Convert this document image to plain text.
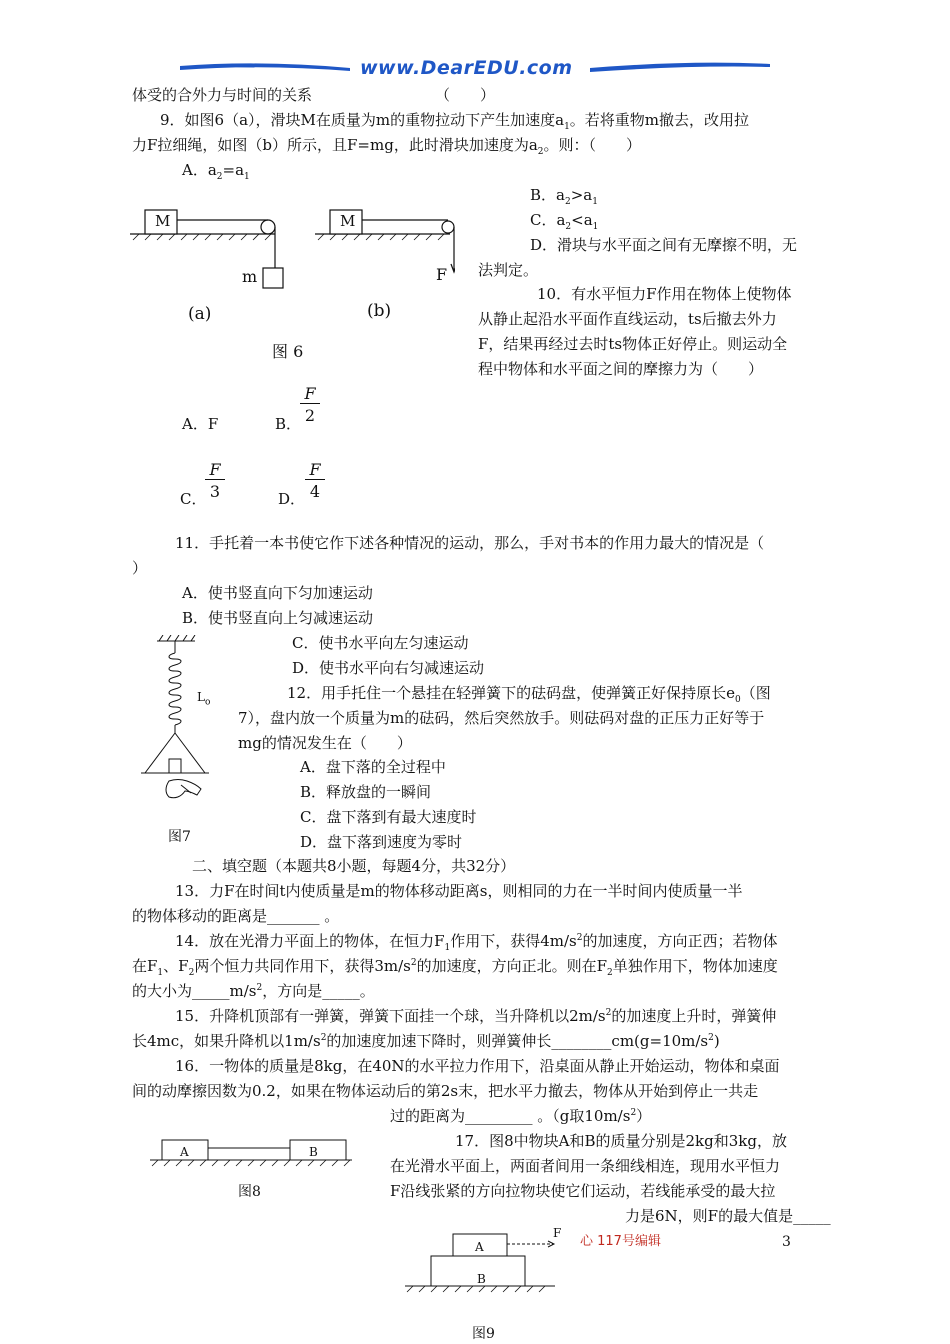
www.DearEDU.com
体受的合外力与时间的关系	（　　）
9．如图6（a），滑块M在质量为m的重物拉动下产生加速度$a_1$。若将重物m撤去，改用拉
力F拉细绳，如图（b）所示，且F=mg，此时滑块加速度为$a_2$。则：（　　）
A．$a_2=a_1$
B．$a_2>a_1$
C．$a_2<a_1$
D．滑块与水平面之间有无摩擦不明，无
法判定。
M	M
m	F
(a)	(b)
图 6
10．有水平恒力F作用在物体上使物体
从静止起沿水平面作直线运动，ts后撤去外力
F，结果再经过去时ts物体正好停止。则运动全
程中物体和水平面之间的摩擦力为（　　）
A．F	B．
$\frac{F}{2}$
C．
$\frac{F}{3}$	D． $\frac{F}{4}$
11．手托着一本书使它作下述各种情况的运动，那么，手对书本的作用力最大的情况是（
）
A．使书竖直向下匀加速运动
B．使书竖直向上匀减速运动
C．使书水平向左匀速运动
D．使书水平向右匀减速运动
$L_o$
图7
12．用手托住一个悬挂在轻弹簧下的砝码盘，使弹簧正好保持原长$e_0$（图
7），盘内放一个质量为m的砝码，然后突然放手。则砝码对盘的正压力正好等于
mg的情况发生在（　　）
A．盘下落的全过程中
B．释放盘的一瞬间
C．盘下落到有最大速度时
D．盘下落到速度为零时
二、填空题（本题共8小题，每题4分，共32分）
13．力F在时间t内使质量是m的物体移动距离s，则相同的力在一半时间内使质量一半
的物体移动的距离是_______ 。
14．放在光滑力平面上的物体，在恒力$F_1$作用下，获得$4m/s^2$的加速度，方向正西；若物体
在$F_1$、$F_2$两个恒力共同作用下，获得$3m/s^2$的加速度，方向正北。则在$F_2$单独作用下，物体加速度
的大小为$\_\_\_\_\_m/s^2$，方向是_____。
15．升降机顶部有一弹簧，弹簧下面挂一个球，当升降机以$2m/s^2$的加速度上升时，弹簧伸
长4mc，如果升降机以$1m/s^2$的加速度加速下降时，则弹簧伸长$\_\_\_\_\_\_\_\_cm(g=10m/s^2)$
16．一物体的质量是8kg，在40N的水平拉力作用下，沿桌面从静止开始运动，物体和桌面
间的动摩擦因数为0.2，如果在物体运动后的第2s末，把水平力撤去，物体从开始到停止一共走
过的距离为_________ 。（g取$10m/s^2$）
A	B
图8
17．图8中物块A和B的质量分别是2kg和3kg，放
在光滑水平面上，两面者间用一条细线相连，现用水平恒力
F沿线张紧的方向拉物块使它们运动，若线能承受的最大拉
力是6N，则F的最大值是_____
F
A
B
图9
心 117号编辑	3
